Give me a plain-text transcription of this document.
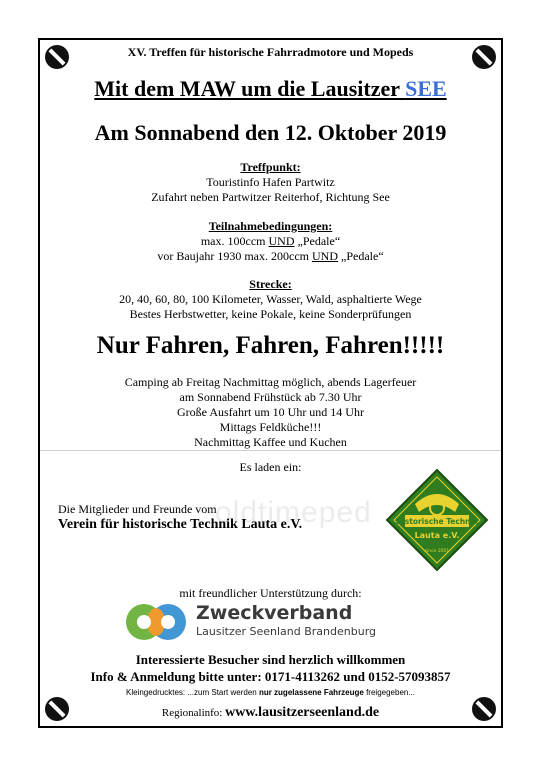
XV. Treffen für historische Fahrradmotore und Mopeds
Mit dem MAW um die Lausitzer SEE
Am Sonnabend den 12. Oktober 2019
Treffpunkt:
Touristinfo Hafen Partwitz
Zufahrt neben Partwitzer Reiterhof, Richtung See
Teilnahmebedingungen:
max. 100ccm UND „Pedale“
vor Baujahr 1930 max. 200ccm UND „Pedale“
Strecke:
20, 40, 60, 80, 100 Kilometer, Wasser, Wald, asphaltierte Wege
Bestes Herbstwetter, keine Pokale, keine Sonderprüfungen
Nur Fahren, Fahren, Fahren!!!!!
Camping ab Freitag Nachmittag möglich, abends Lagerfeuer
am Sonnabend Frühstück ab 7.30 Uhr
Große Ausfahrt um 10 Uhr und 14 Uhr
Mittags Feldküche!!!
Nachmittag Kaffee und Kuchen
Es laden ein:
oldtimeped
Die Mitglieder und Freunde vom
Verein für historische Technik Lauta e.V.	Historische Technik
Lauta e.V.
since 2001
mit freundlicher Unterstützung durch:
Zweckverband
Lausitzer Seenland Brandenburg
Interessierte Besucher sind herzlich willkommen
Info & Anmeldung bitte unter: 0171-4113262 und 0152-57093857
Kleingedrucktes: ...zum Start werden nur zugelassene Fahrzeuge freigegeben...
Regionalinfo: www.lausitzerseenland.de
